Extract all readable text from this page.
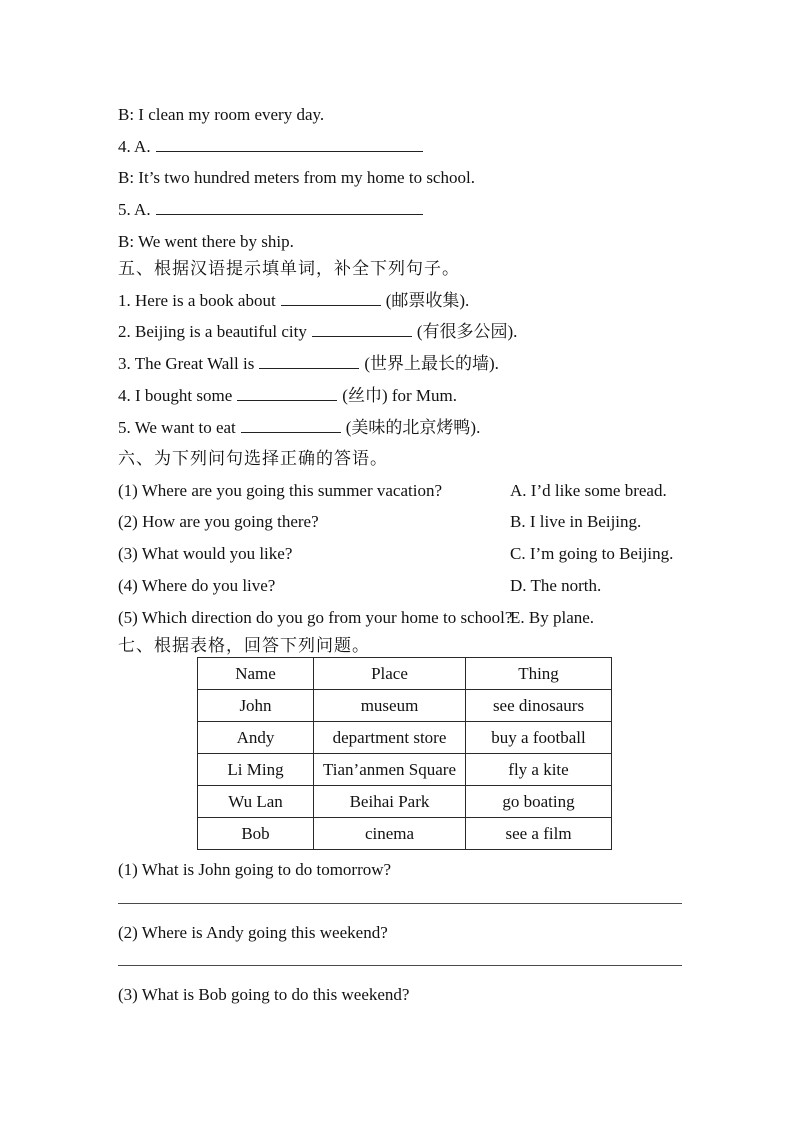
B: I clean my room every day.

4. A.

B: It’s two hundred meters from my home to school.

5. A.

B: We went there by ship.

五、根据汉语提示填单词，补全下列句子。

1. Here is a book about	(邮票收集).

2. Beijing is a beautiful city	(有很多公园).

3. The Great Wall is	(世界上最长的墙).

4. I bought some	(丝巾) for Mum.

5. We want to eat	(美味的北京烤鸭).

六、为下列问句选择正确的答语。

(1) Where are you going this summer vacation?	A. I’d like some bread.
(2) How are you going there?	B. I live in Beijing.
(3) What would you like?	C. I’m going to Beijing.
(4) Where do you live?	D. The north.
(5) Which direction do you go from your home to school?
E. By plane.

七、根据表格，回答下列问题。

Name	Place	Thing
John	museum	see dinosaurs
Andy	department store	buy a football
Li Ming	Tian’anmen Square	fly a kite
Wu Lan	Beihai Park	go boating
Bob	cinema	see a film

(1) What is John going to do tomorrow?

(2) Where is Andy going this weekend?

(3) What is Bob going to do this weekend?
